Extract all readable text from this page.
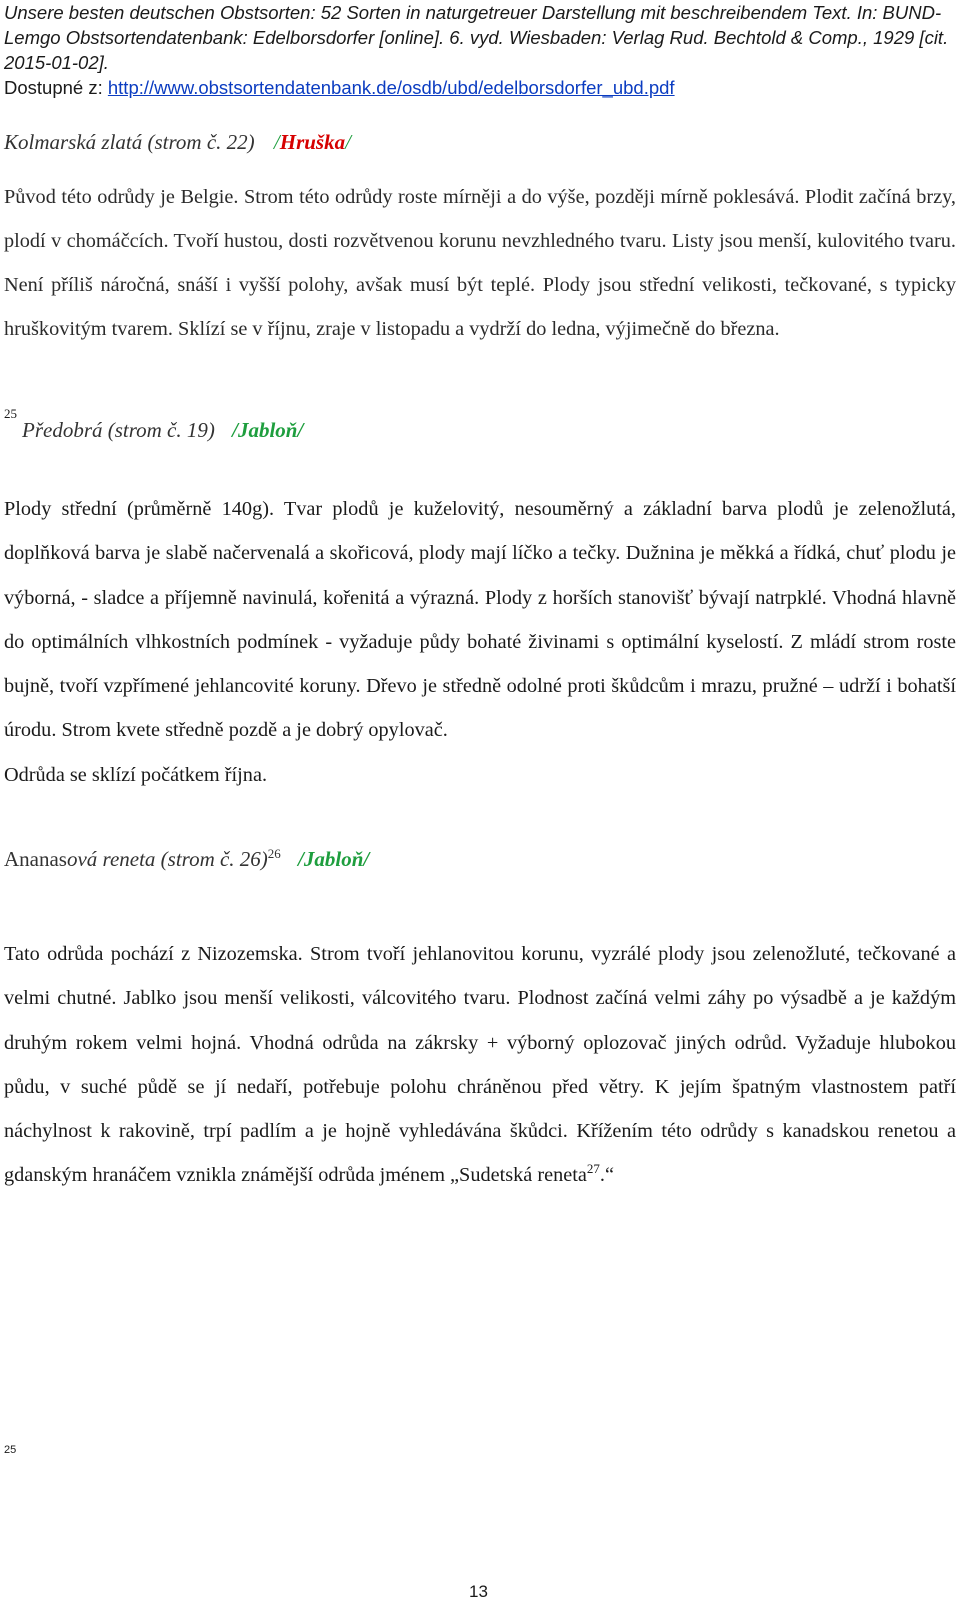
Unsere besten deutschen Obstsorten: 52 Sorten in naturgetreuer Darstellung mit beschreibendem Text. In: BUND-Lemgo Obstsortendatenbank: Edelborsdorfer [online]. 6. vyd. Wiesbaden: Verlag Rud. Bechtold & Comp., 1929 [cit. 2015-01-02].
Dostupné z: http://www.obstsortendatenbank.de/osdb/ubd/edelborsdorfer_ubd.pdf
Kolmarská zlatá (strom č. 22) /Hruška/
Původ této odrůdy je Belgie. Strom této odrůdy roste mírněji a do výše, později mírně poklesává. Plodit začíná brzy, plodí v chomáčcích. Tvoří hustou, dosti rozvětvenou korunu nevzhledného tvaru. Listy jsou menší, kulovitého tvaru. Není příliš náročná, snáší i vyšší polohy, avšak musí být teplé. Plody jsou střední velikosti, tečkované, s typicky hruškovitým tvarem. Sklízí se v říjnu, zraje v listopadu a vydrží do ledna, výjimečně do března.
25
Předobrá (strom č. 19) /Jabloň/
Plody střední (průměrně 140g). Tvar plodů je kuželovitý, nesouměrný a základní barva plodů je zelenožlutá, doplňková barva je slabě načervenalá a skořicová, plody mají líčko a tečky. Dužnina je měkká a řídká, chuť plodu je výborná, - sladce a příjemně navinulá, kořenitá a výrazná. Plody z horších stanovišť bývají natrpklé. Vhodná hlavně do optimálních vlhkostních podmínek - vyžaduje půdy bohaté živinami s optimální kyselostí. Z mládí strom roste bujně, tvoří vzpřímené jehlancovité koruny. Dřevo je středně odolné proti škůdcům i mrazu, pružné – udrží i bohatší úrodu. Strom kvete středně pozdě a je dobrý opylovač.
Odrůda se sklízí počátkem října.
Ananasová reneta (strom č. 26)$^{26}$ /Jabloň/
Tato odrůda pochází z Nizozemska. Strom tvoří jehlanovitou korunu, vyzrálé plody jsou zelenožluté, tečkované a velmi chutné. Jablko jsou menší velikosti, válcovitého tvaru. Plodnost začíná velmi záhy po výsadbě a je každým druhým rokem velmi hojná. Vhodná odrůda na zákrsky + výborný oplozovač jiných odrůd. Vyžaduje hlubokou půdu, v suché půdě se jí nedaří, potřebuje polohu chráněnou před větry. K jejím špatným vlastnostem patří náchylnost k rakovině, trpí padlím a je hojně vyhledávána škůdci. Křížením této odrůdy s kanadskou renetou a gdanským hranáčem vznikla známější odrůda jménem „Sudetská reneta$^{27}$.“
25
13
